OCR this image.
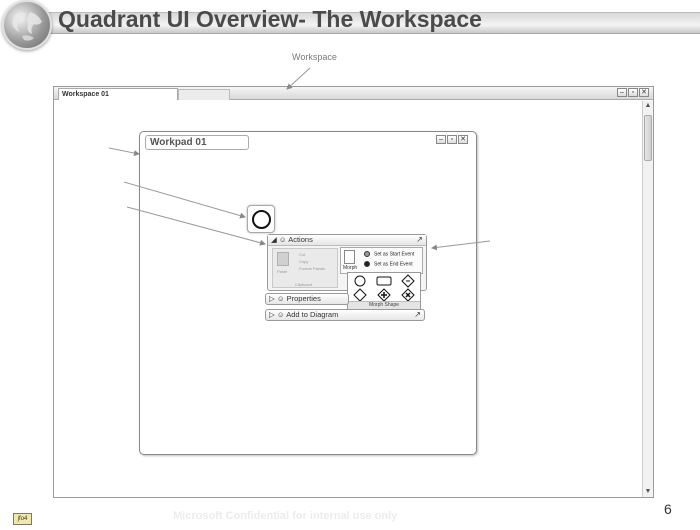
Quadrant UI Overview- The Workspace
Workspace
Workspace 01	–	▫ ✕
▲
▼
Workpad 01	–	▫ ✕
◢ ☺ Actions	↗
Paste
Cut
Copy
Format Painter
Clipboard
Morph
Set as Start Event
Set as End Event
Morph Shape
▷ ☺ Properties
▷ ☺ Add to Diagram	↗
Microsoft Confidential for internal use only	6
jfo4
